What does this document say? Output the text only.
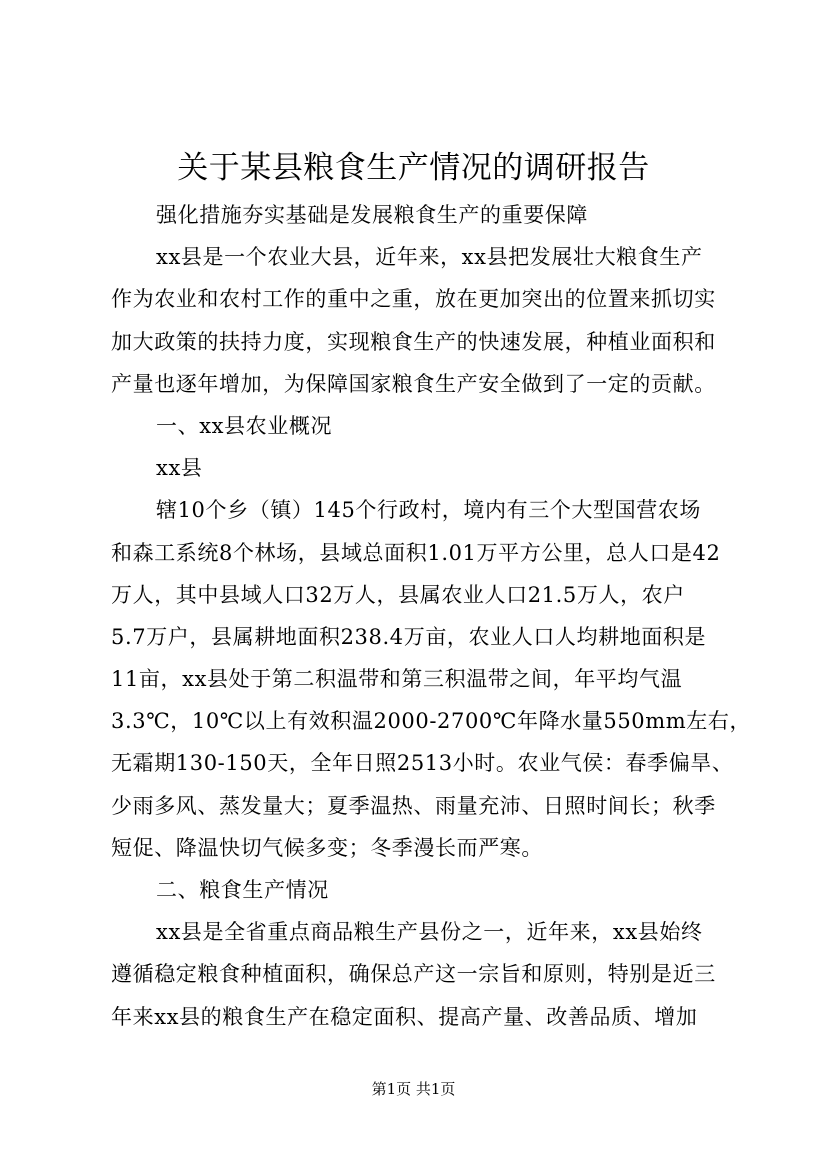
关于某县粮食生产情况的调研报告
强化措施夯实基础是发展粮食生产的重要保障
xx县是一个农业大县，近年来，xx县把发展壮大粮食生产
作为农业和农村工作的重中之重，放在更加突出的位置来抓切实
加大政策的扶持力度，实现粮食生产的快速发展，种植业面积和
产量也逐年增加，为保障国家粮食生产安全做到了一定的贡献。
一、xx县农业概况
xx县
辖10个乡（镇）145个行政村，境内有三个大型国营农场
和森工系统8个林场，县域总面积1.01万平方公里，总人口是42
万人，其中县域人口32万人，县属农业人口21.5万人，农户
5.7万户，县属耕地面积238.4万亩，农业人口人均耕地面积是
11亩，xx县处于第二积温带和第三积温带之间，年平均气温
3.3℃，10℃以上有效积温2000-2700℃年降水量550mm左右，
无霜期130-150天，全年日照2513小时。农业气侯：春季偏旱、
少雨多风、蒸发量大；夏季温热、雨量充沛、日照时间长；秋季
短促、降温快切气候多变；冬季漫长而严寒。
二、粮食生产情况
xx县是全省重点商品粮生产县份之一，近年来，xx县始终
遵循稳定粮食种植面积，确保总产这一宗旨和原则，特别是近三
年来xx县的粮食生产在稳定面积、提高产量、改善品质、增加
第1页 共1页
